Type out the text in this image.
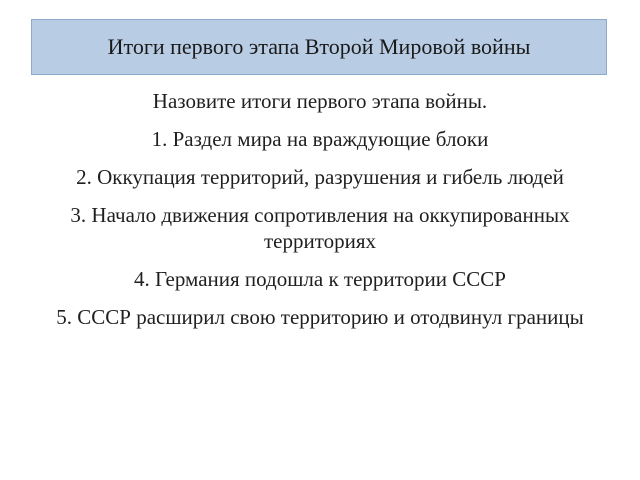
Итоги первого этапа Второй Мировой войны

Назовите итоги первого этапа войны.

1. Раздел мира на враждующие блоки

2. Оккупация территорий, разрушения и гибель людей

3. Начало движения сопротивления на оккупированных территориях

4. Германия подошла к территории СССР

5. СССР расширил свою территорию и отодвинул границы
